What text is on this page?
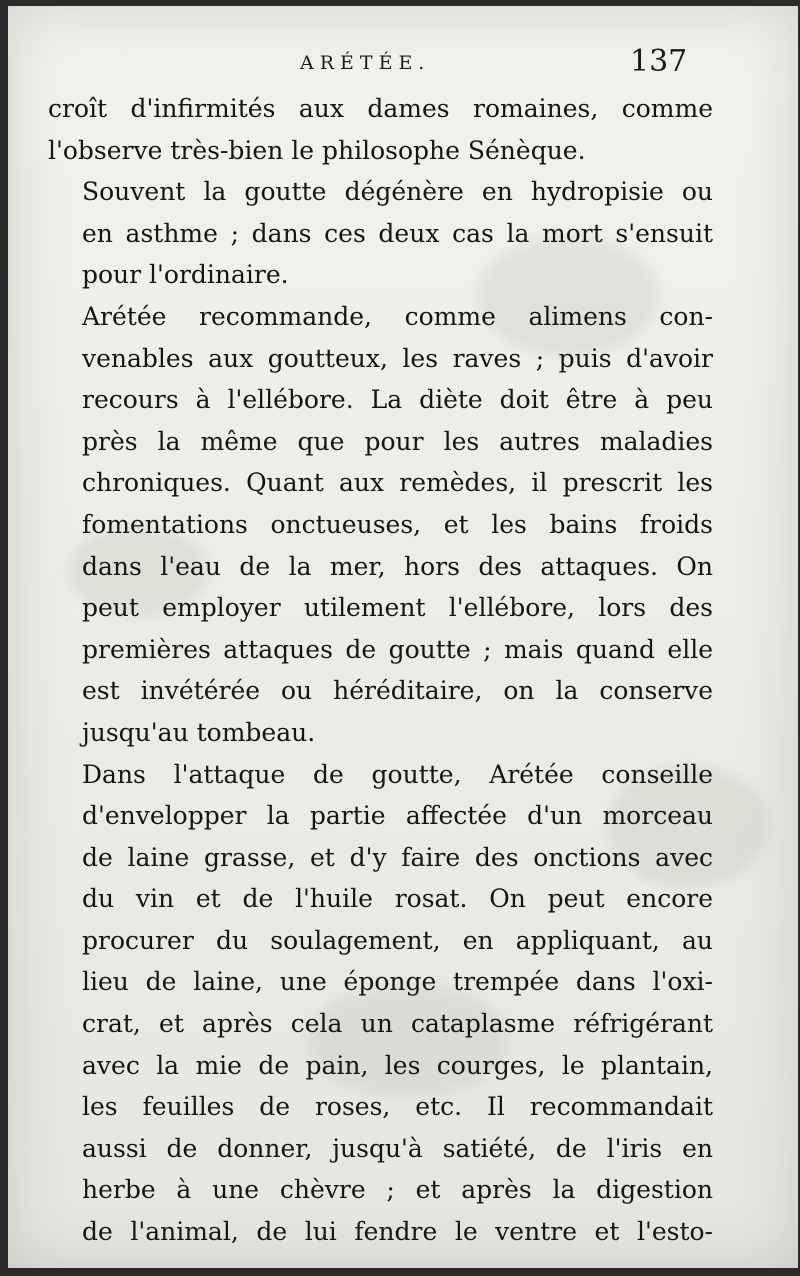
ARÉTÉE.	137
croît d'infirmités aux dames romaines, comme
l'observe très-bien le philosophe Sénèque.
Souvent la goutte dégénère en hydropisie ou
en asthme ; dans ces deux cas la mort s'ensuit
pour l'ordinaire.
Arétée recommande, comme alimens con-
venables aux goutteux, les raves ; puis d'avoir
recours à l'ellébore. La diète doit être à peu
près la même que pour les autres maladies
chroniques. Quant aux remèdes, il prescrit les
fomentations onctueuses, et les bains froids
dans l'eau de la mer, hors des attaques. On
peut employer utilement l'ellébore, lors des
premières attaques de goutte ; mais quand elle
est invétérée ou héréditaire, on la conserve
jusqu'au tombeau.
Dans l'attaque de goutte, Arétée conseille
d'envelopper la partie affectée d'un morceau
de laine grasse, et d'y faire des onctions avec
du vin et de l'huile rosat. On peut encore
procurer du soulagement, en appliquant, au
lieu de laine, une éponge trempée dans l'oxi-
crat, et après cela un cataplasme réfrigérant
avec la mie de pain, les courges, le plantain,
les feuilles de roses, etc. Il recommandait
aussi de donner, jusqu'à satiété, de l'iris en
herbe à une chèvre ; et après la digestion
de l'animal, de lui fendre le ventre et l'esto-
